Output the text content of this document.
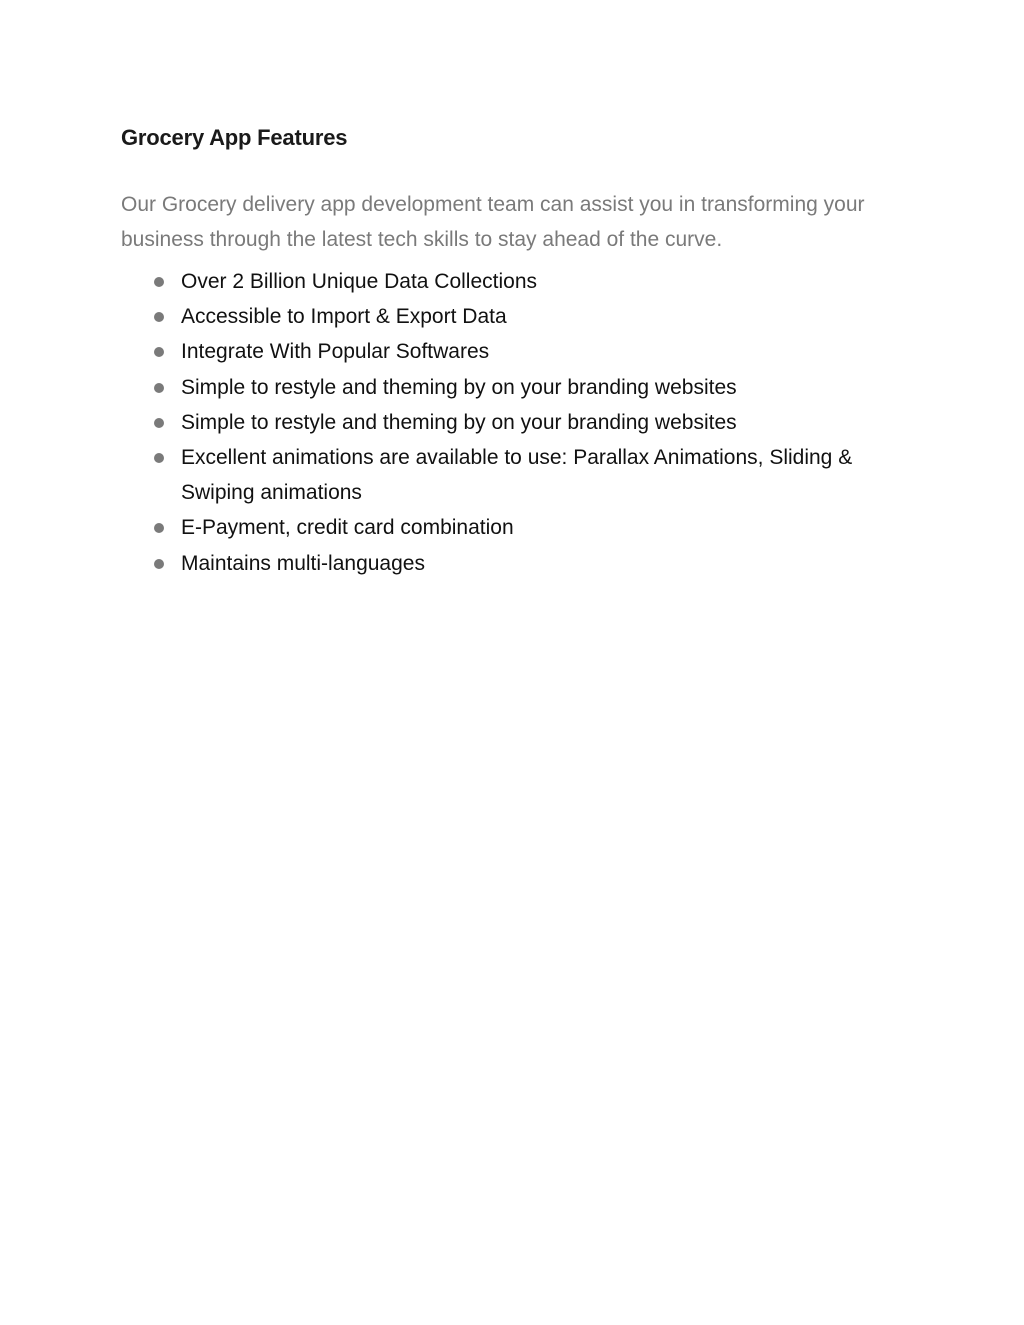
Grocery App Features

Our Grocery delivery app development team can assist you in transforming your business through the latest tech skills to stay ahead of the curve.

Over 2 Billion Unique Data Collections
Accessible to Import & Export Data
Integrate With Popular Softwares
Simple to restyle and theming by on your branding websites
Simple to restyle and theming by on your branding websites
Excellent animations are available to use: Parallax Animations, Sliding & Swiping animations
E-Payment, credit card combination
Maintains multi-languages
